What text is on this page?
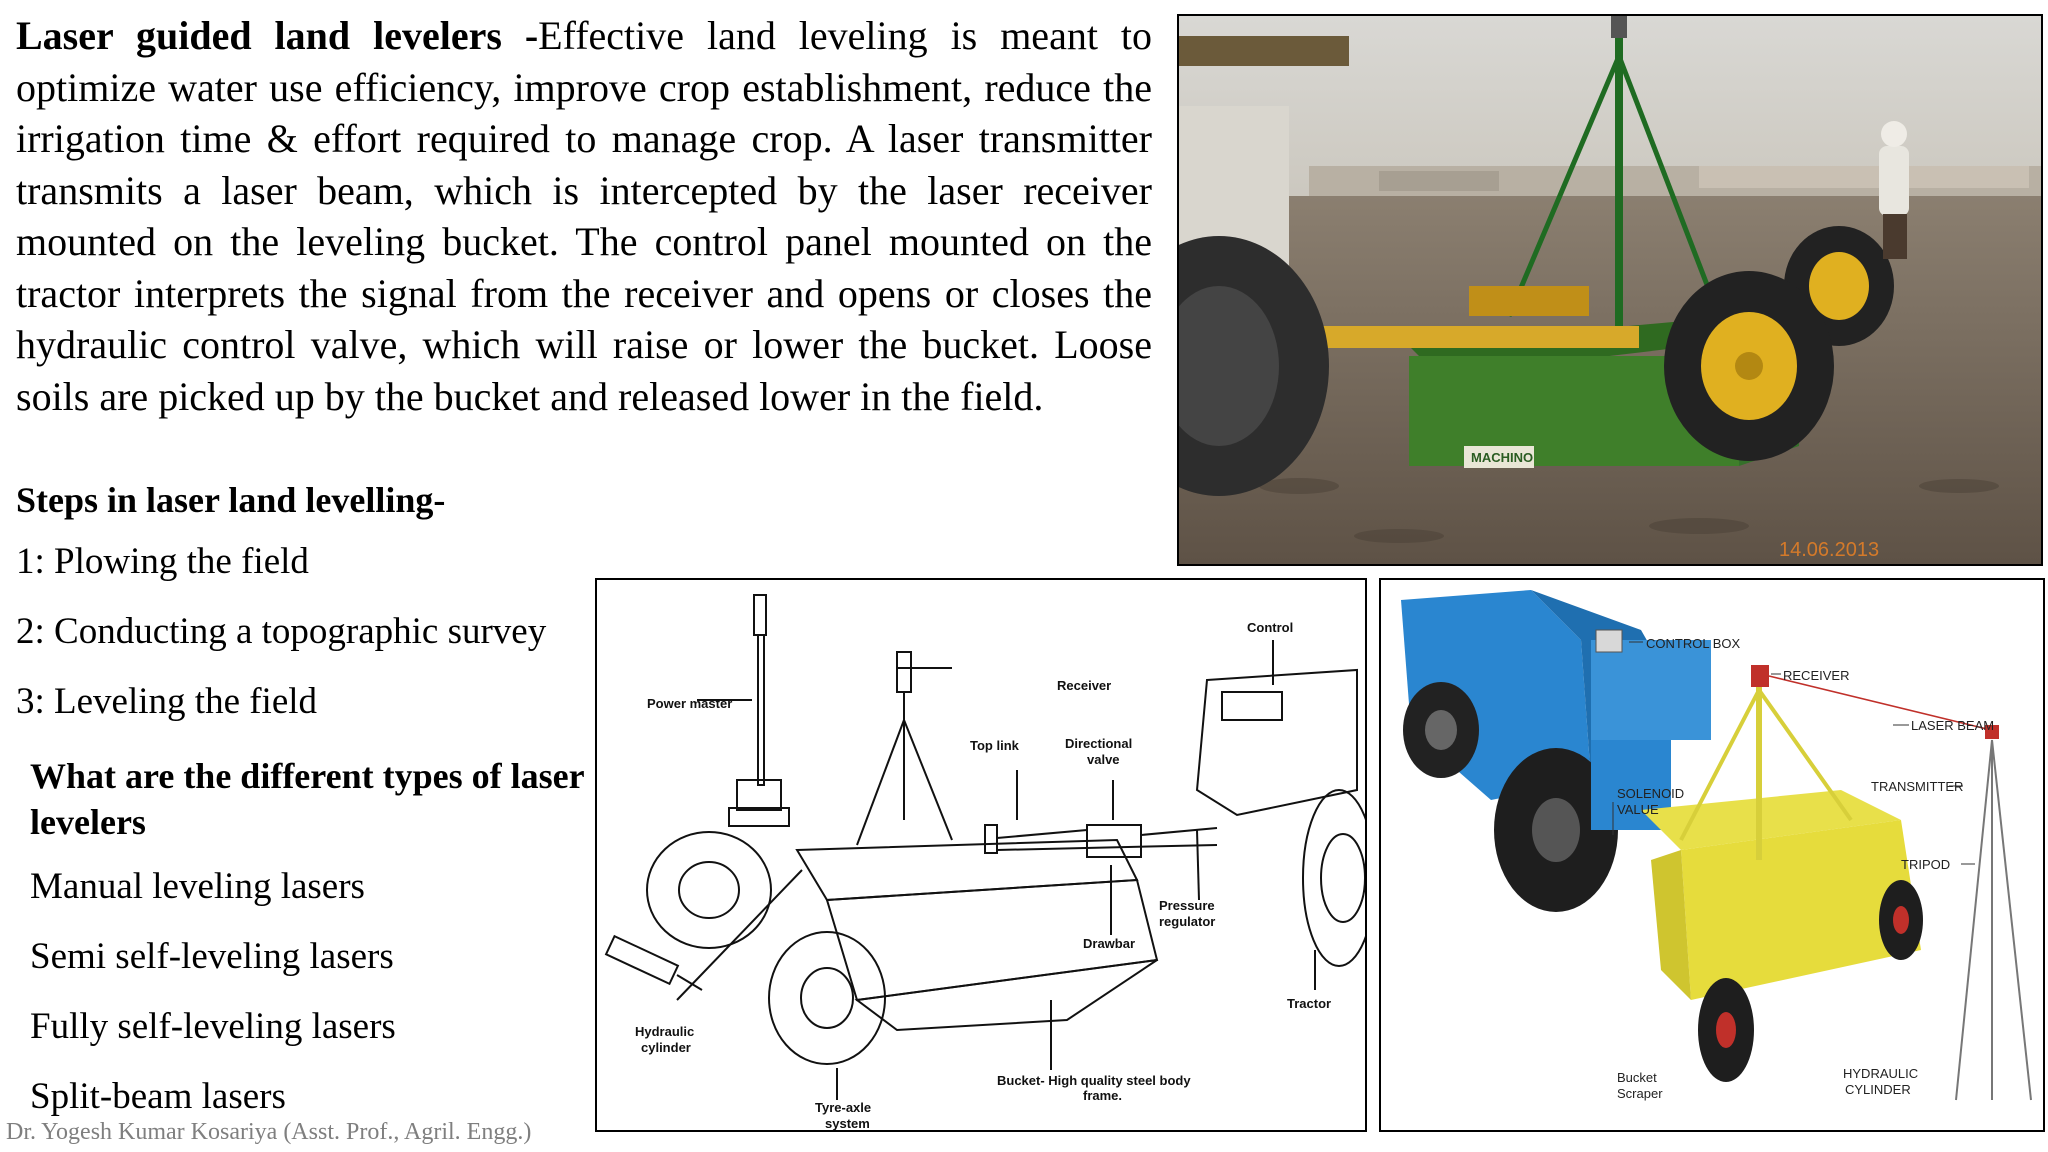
Laser guided land levelers -Effective land leveling is meant to optimize water use efficiency, improve crop establishment, reduce the irrigation time & effort required to manage crop. A laser transmitter transmits a laser beam, which is intercepted by the laser receiver mounted on the leveling bucket. The control panel mounted on the tractor interprets the signal from the receiver and opens or closes the hydraulic control valve, which will raise or lower the bucket. Loose soils are picked up by the bucket and released lower in the field.

Steps in laser land levelling-

1: Plowing the field
2: Conducting a topographic survey
3: Leveling the field

What are the different types of laser levelers

Manual leveling lasers
Semi self-leveling lasers
Fully self-leveling lasers
Split-beam lasers
Dr. Yogesh Kumar Kosariya (Asst. Prof., Agril. Engg.)
MACHINO
14.06.2013
Power master
Receiver
Control
Top link	Directional
valve
Pressure
regulator
Drawbar
Tractor
Hydraulic
cylinder
Bucket- High quality steel body
frame.
Tyre-axle
system
CONTROL BOX
RECEIVER
LASER BEAM
TRANSMITTER
TRIPOD
SOLENOID
VALUE
Bucket
Scraper
HYDRAULIC
CYLINDER
